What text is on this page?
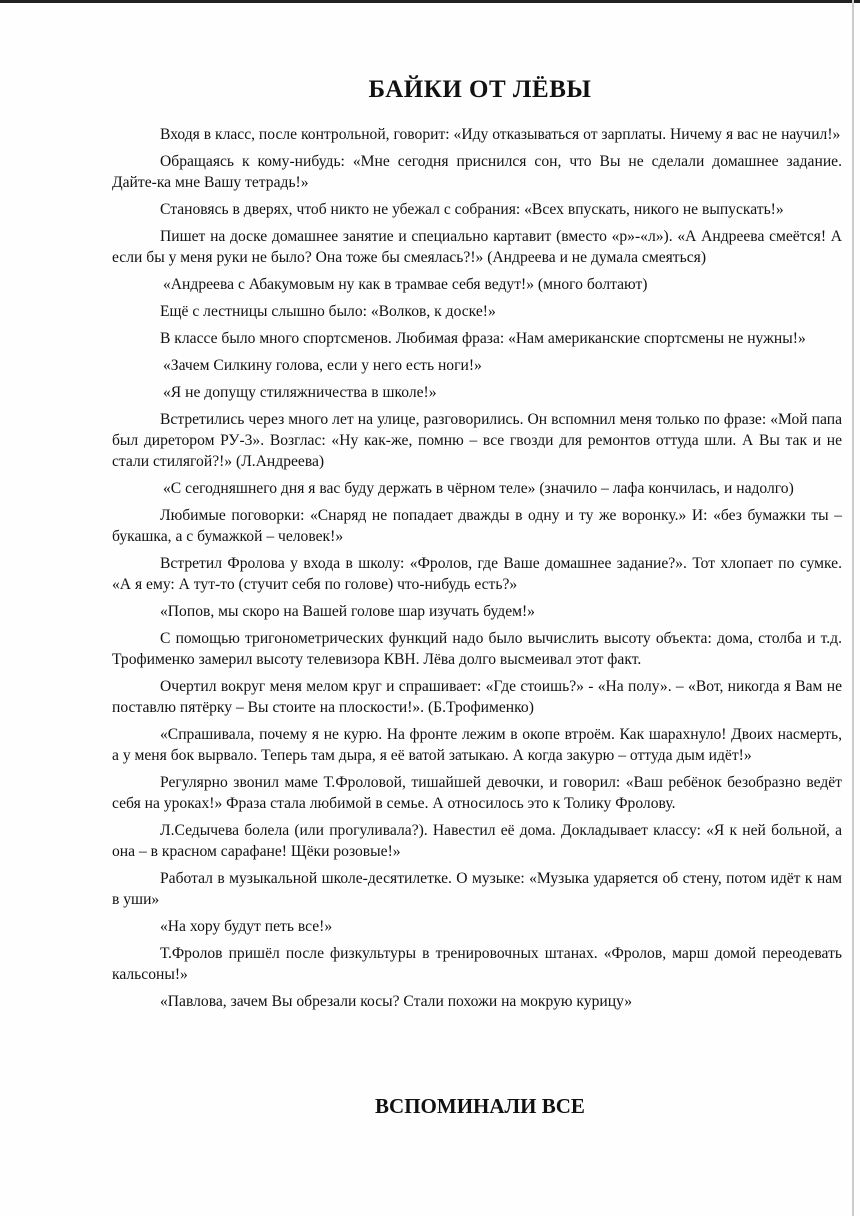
БАЙКИ ОТ ЛЁВЫ

Входя в класс, после контрольной, говорит: «Иду отказываться от зарплаты. Ничему я вас не научил!»

Обращаясь к кому-нибудь: «Мне сегодня приснился сон, что Вы не сделали домашнее задание. Дайте-ка мне Вашу тетрадь!»

Становясь в дверях, чтоб никто не убежал с собрания: «Всех впускать, никого не выпускать!»

Пишет на доске домашнее занятие и специально картавит (вместо «р»-«л»). «А Андреева смеётся! А если бы у меня руки не было? Она тоже бы смеялась?!» (Андреева и не думала смеяться)

«Андреева с Абакумовым ну как в трамвае себя ведут!» (много болтают)

Ещё с лестницы слышно было: «Волков, к доске!»

В классе было много спортсменов. Любимая фраза: «Нам американские спортсмены не нужны!»

«Зачем Силкину голова, если у него есть ноги!»

«Я не допущу стиляжничества в школе!»

Встретились через много лет на улице, разговорились. Он вспомнил меня только по фразе: «Мой папа был диретором РУ-3». Возглас: «Ну как-же, помню – все гвозди для ремонтов оттуда шли. А Вы так и не стали стилягой?!» (Л.Андреева)

«С сегодняшнего дня я вас буду держать в чёрном теле» (значило – лафа кончилась, и надолго)

Любимые поговорки: «Снаряд не попадает дважды в одну и ту же воронку.» И: «без бумажки ты – букашка, а с бумажкой – человек!»

Встретил Фролова у входа в школу: «Фролов, где Ваше домашнее задание?». Тот хлопает по сумке. «А я ему: А тут-то (стучит себя по голове) что-нибудь есть?»

«Попов, мы скоро на Вашей голове шар изучать будем!»

С помощью тригонометрических функций надо было вычислить высоту объекта: дома, столба и т.д. Трофименко замерил высоту телевизора КВН. Лёва долго высмеивал этот факт.

Очертил вокруг меня мелом круг и спрашивает: «Где стоишь?» - «На полу». – «Вот, никогда я Вам не поставлю пятёрку – Вы стоите на плоскости!». (Б.Трофименко)

«Спрашивала, почему я не курю. На фронте лежим в окопе втроём. Как шарахнуло! Двоих насмерть, а у меня бок вырвало. Теперь там дыра, я её ватой затыкаю. А когда закурю – оттуда дым идёт!»

Регулярно звонил маме Т.Фроловой, тишайшей девочки, и говорил: «Ваш ребёнок безобразно ведёт себя на уроках!» Фраза стала любимой в семье. А относилось это к Толику Фролову.

Л.Седычева болела (или прогуливала?). Навестил её дома. Докладывает классу: «Я к ней больной, а она – в красном сарафане! Щёки розовые!»

Работал в музыкальной школе-десятилетке. О музыке: «Музыка ударяется об стену, потом идёт к нам в уши»

«На хору будут петь все!»

Т.Фролов пришёл после физкультуры в тренировочных штанах. «Фролов, марш домой переодевать кальсоны!»

«Павлова, зачем Вы обрезали косы? Стали похожи на мокрую курицу»

ВСПОМИНАЛИ ВСЕ
